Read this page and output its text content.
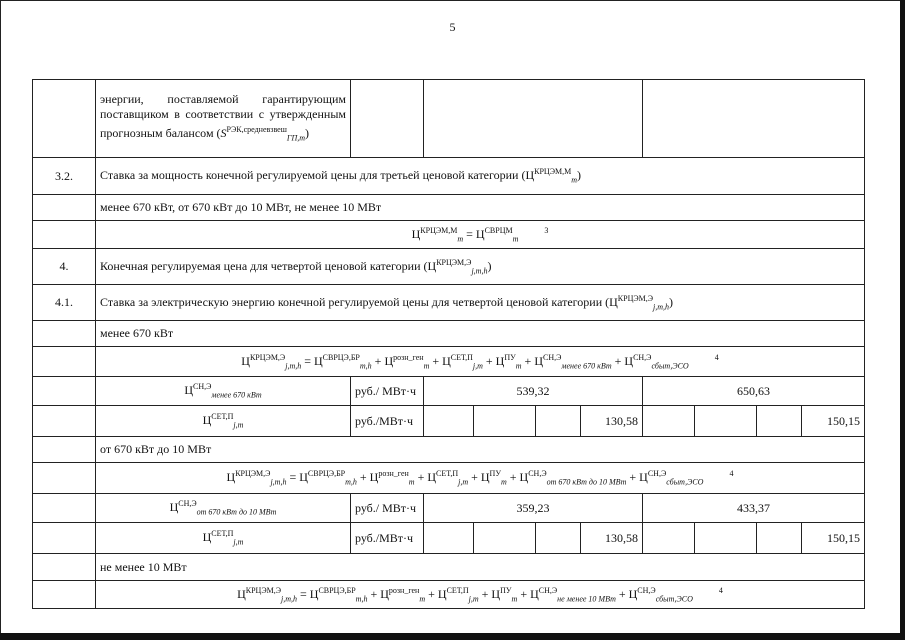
5
	энергии, поставляемой гарантирующим поставщиком в соответствии с утвержденным прогнозным балансом $(S^{РЭК,средневзвеш}_{ГП,m})$									
3.2.	Ставка за мощность конечной регулируемой цены для третьей ценовой категории $(Ц^{КРЦЭМ,М}_m)$									
	менее 670 кВт, от 670 кВт до 10 МВт, не менее 10 МВт									
	$Ц^{КРЦЭМ,М}_m = Ц^{СВРЦМ}_m^3$
4.	Конечная регулируемая цена для четвертой ценовой категории $(Ц^{КРЦЭМ,Э}_{j,m,h})$									
4.1.	Ставка за электрическую энергию конечной регулируемой цены для четвертой ценовой категории $(Ц^{КРЦЭМ,Э}_{j,m,h})$									
	менее 670 кВт									
	$Ц^{КРЦЭМ,Э}_{j,m,h} = Ц^{СВРЦЭ,БР}_{m,h} + Ц^{розн\_ген}_m + Ц^{СЕТ,П}_{j,m} + Ц^{ПУ}_m + Ц^{СН,Э}_{менее 670 кВт} + Ц^{СН,Э}_{сбыт,ЭСО}^4$
	$Ц^{СН,Э}_{менее 670 кВт}$	руб./ МВт·ч	539,32				650,63			
	$Ц^{СЕТ,П}_{j,m}$	руб./МВт·ч				130,58				150,15
	от 670 кВт до 10 МВт									
	$Ц^{КРЦЭМ,Э}_{j,m,h} = Ц^{СВРЦЭ,БР}_{m,h} + Ц^{розн\_ген}_m + Ц^{СЕТ,П}_{j,m} + Ц^{ПУ}_m + Ц^{СН,Э}_{от 670 кВт до 10 МВт} + Ц^{СН,Э}_{сбыт,ЭСО}^4$
	$Ц^{СН,Э}_{от 670 кВт до 10 МВт}$	руб./ МВт·ч	359,23				433,37			
	$Ц^{СЕТ,П}_{j,m}$	руб./МВт·ч				130,58				150,15
	не менее 10 МВт									
	$Ц^{КРЦЭМ,Э}_{j,m,h} = Ц^{СВРЦЭ,БР}_{m,h} + Ц^{розн\_ген}_m + Ц^{СЕТ,П}_{j,m} + Ц^{ПУ}_m + Ц^{СН,Э}_{не менее 10 МВт} + Ц^{СН,Э}_{сбыт,ЭСО}^4$
